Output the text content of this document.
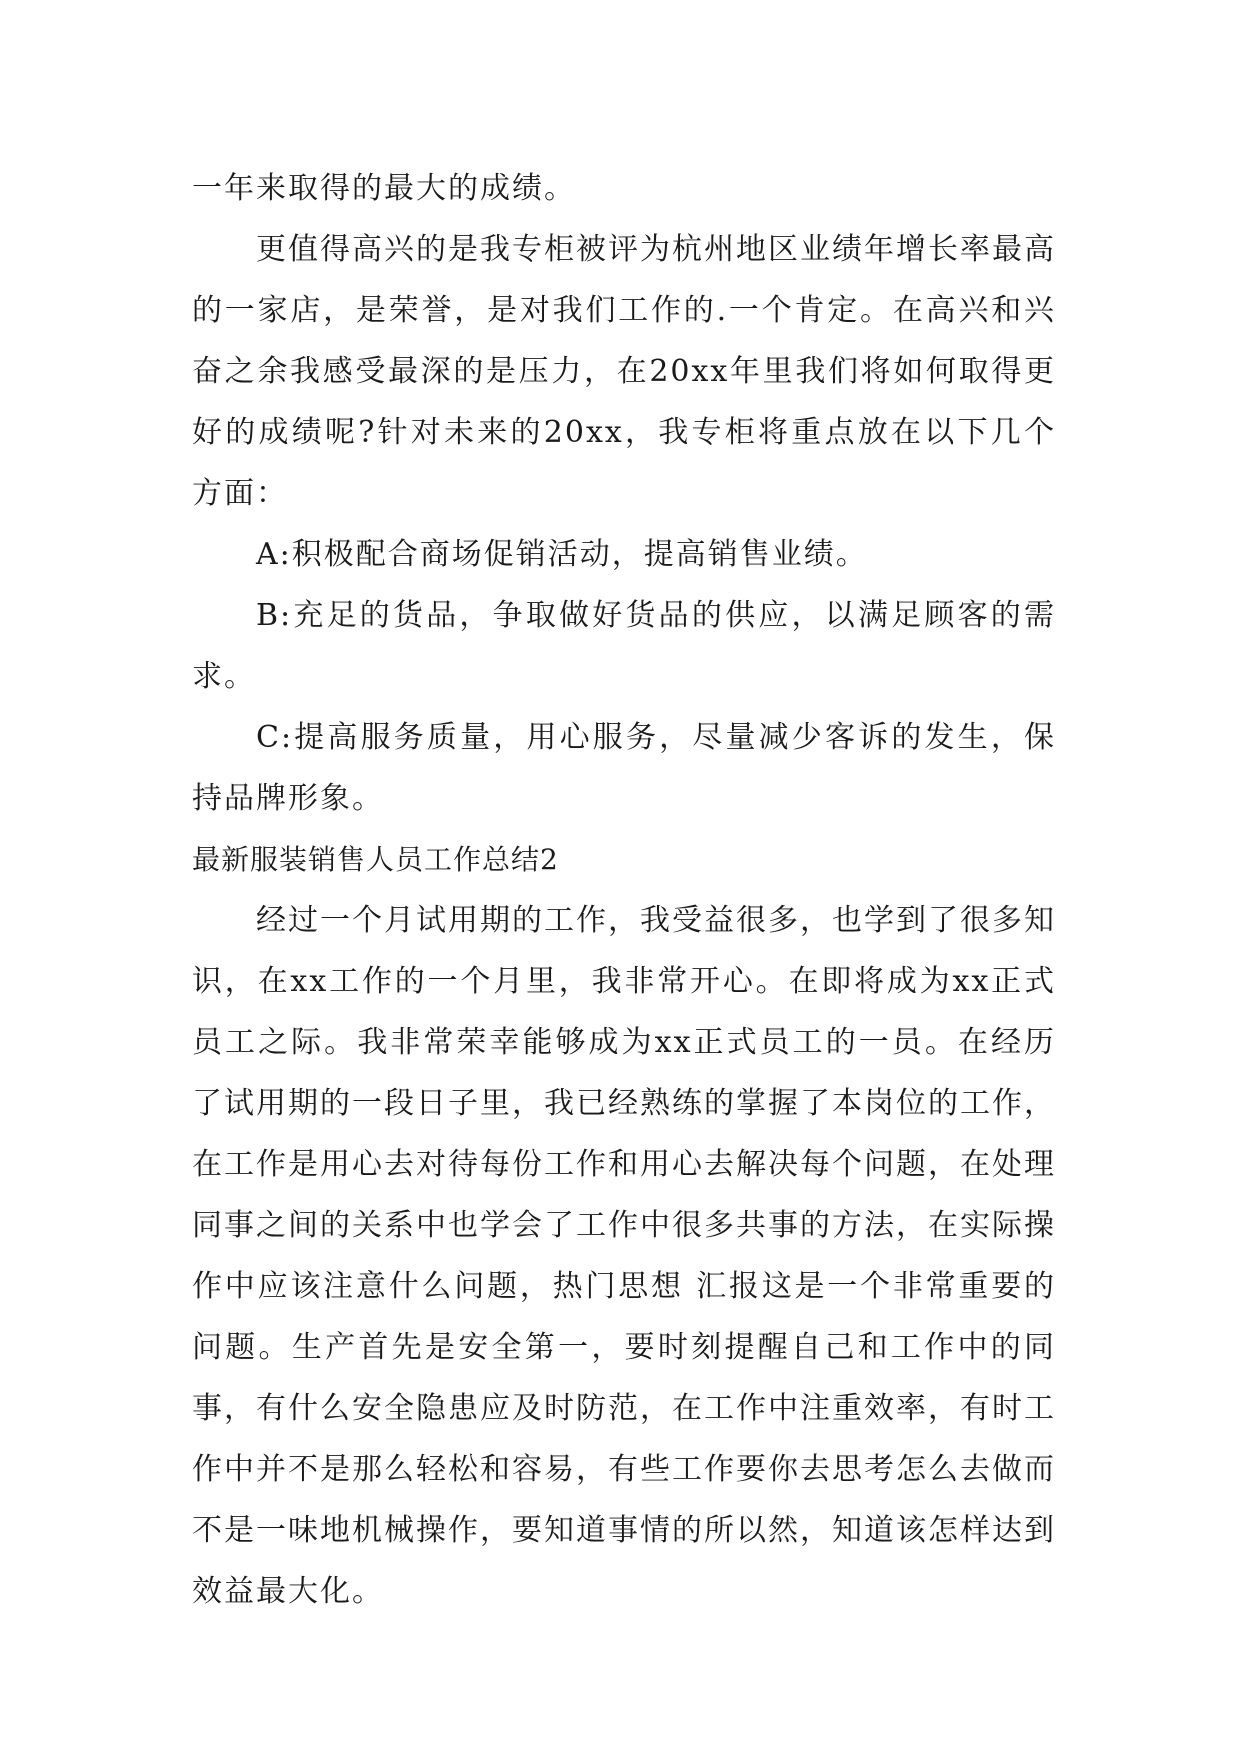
一年来取得的最大的成绩。

更值得高兴的是我专柜被评为杭州地区业绩年增长率最高的一家店，是荣誉，是对我们工作的.一个肯定。在高兴和兴奋之余我感受最深的是压力，在20xx年里我们将如何取得更好的成绩呢?针对未来的20xx，我专柜将重点放在以下几个方面：

A:积极配合商场促销活动，提高销售业绩。

B:充足的货品，争取做好货品的供应，以满足顾客的需求。

C:提高服务质量，用心服务，尽量减少客诉的发生，保持品牌形象。

最新服装销售人员工作总结2

经过一个月试用期的工作，我受益很多，也学到了很多知识，在xx工作的一个月里，我非常开心。在即将成为xx正式员工之际。我非常荣幸能够成为xx正式员工的一员。在经历了试用期的一段日子里，我已经熟练的掌握了本岗位的工作，在工作是用心去对待每份工作和用心去解决每个问题，在处理同事之间的关系中也学会了工作中很多共事的方法，在实际操作中应该注意什么问题，热门思想 汇报这是一个非常重要的问题。生产首先是安全第一，要时刻提醒自己和工作中的同事，有什么安全隐患应及时防范，在工作中注重效率，有时工作中并不是那么轻松和容易，有些工作要你去思考怎么去做而不是一味地机械操作，要知道事情的所以然，知道该怎样达到效益最大化。
